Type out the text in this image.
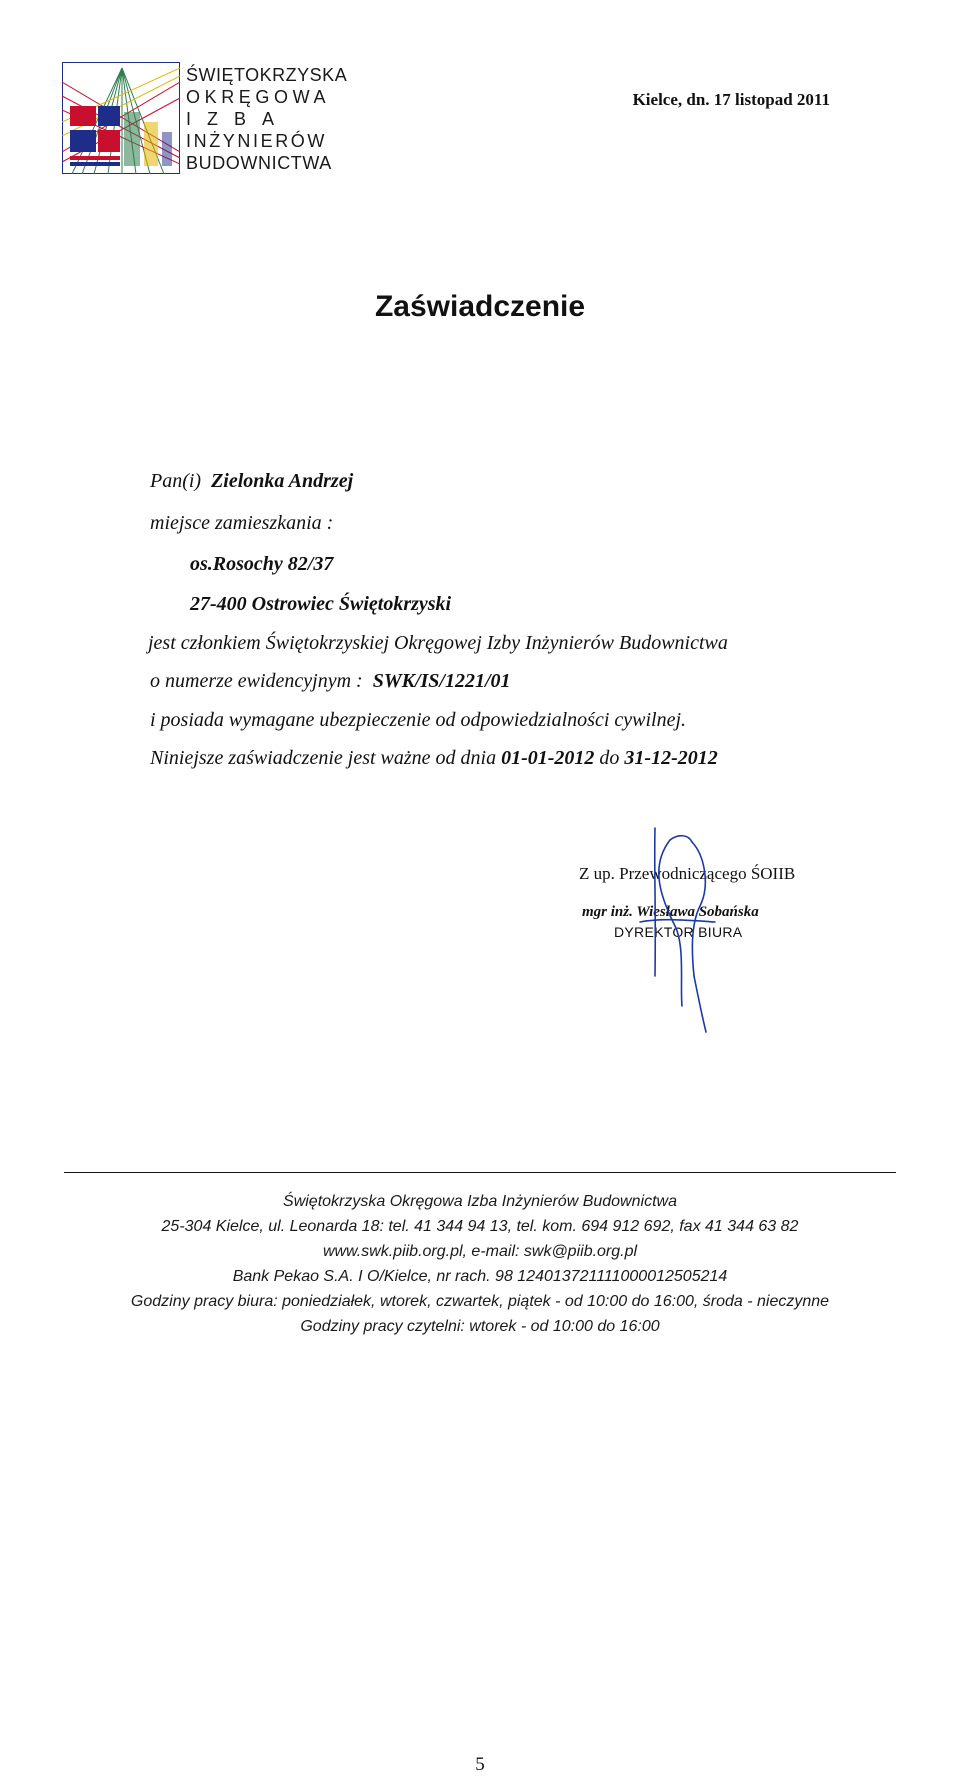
ŚWIĘTOKRZYSKA
OKRĘGOWA
IZBA
INŻYNIERÓW
BUDOWNICTWA
Kielce, dn. 17 listopad 2011
Zaświadczenie
Pan(i) Zielonka Andrzej
miejsce zamieszkania :
os.Rosochy 82/37
27-400 Ostrowiec Świętokrzyski
jest członkiem Świętokrzyskiej Okręgowej Izby Inżynierów Budownictwa
o numerze ewidencyjnym : SWK/IS/1221/01
i posiada wymagane ubezpieczenie od odpowiedzialności cywilnej.
Niniejsze zaświadczenie jest ważne od dnia 01-01-2012 do 31-12-2012
Z up. Przewodniczącego ŚOIIB
mgr inż. Wiesława Sobańska
DYREKTOR BIURA
Świętokrzyska Okręgowa Izba Inżynierów Budownictwa
25-304 Kielce, ul. Leonarda 18: tel. 41 344 94 13, tel. kom. 694 912 692, fax 41 344 63 82
www.swk.piib.org.pl, e-mail: swk@piib.org.pl
Bank Pekao S.A. I O/Kielce, nr rach. 98 124013721111000012505214
Godziny pracy biura: poniedziałek, wtorek, czwartek, piątek - od 10:00 do 16:00, środa - nieczynne
Godziny pracy czytelni: wtorek - od 10:00 do 16:00
5
